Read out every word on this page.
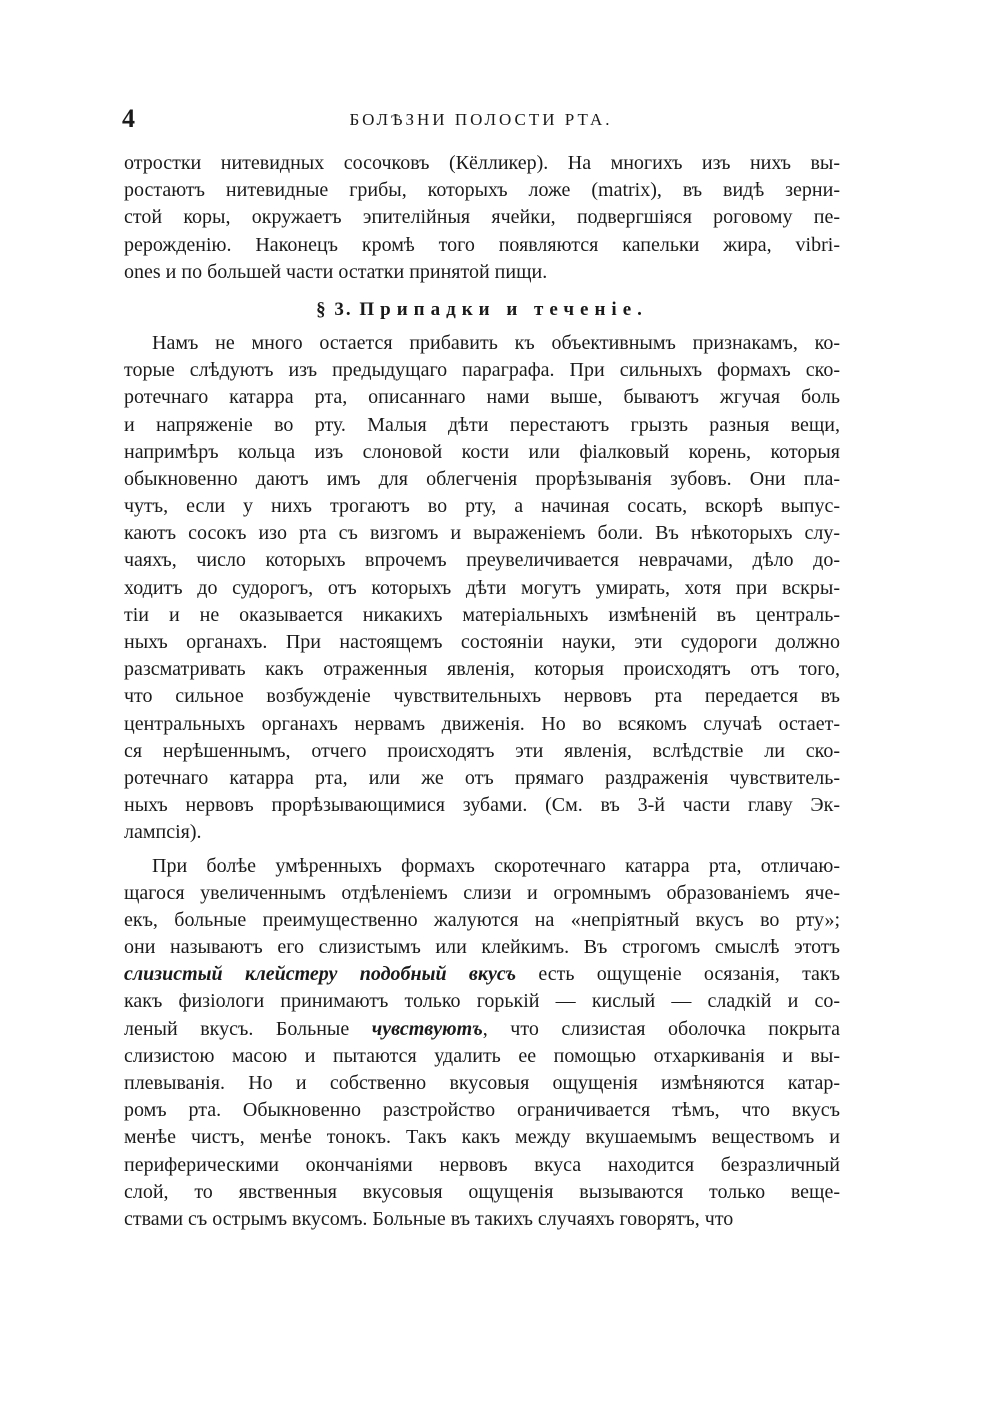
4	БОЛѢЗНИ ПОЛОСТИ РТА.
отростки нитевидных сосочковъ (Кёлликер). На многихъ изъ нихъ вы-
ростаютъ нитевидные грибы, которыхъ ложе (matrix), въ видѣ зерни-
стой коры, окружаетъ эпителiйныя ячейки, подвергшiяся роговому пе-
рерожденiю. Наконецъ кромѣ того появляются капельки жира, vibri-
ones и по большей части остатки принятой пищи.
§ 3. Припадки и теченiе.
Намъ не много остается прибавить къ объективнымъ признакамъ, ко-
торые слѣдуютъ изъ предыдущаго параграфа. При сильныхъ формахъ ско-
ротечнаго катарра рта, описаннаго нами выше, бываютъ жгучая боль
и напряженiе во рту. Малыя дѣти перестаютъ грызть разныя вещи,
напримѣръ кольца изъ слоновой кости или фiалковый корень, которыя
обыкновенно даютъ имъ для облегченiя прорѣзыванiя зубовъ. Они пла-
чутъ, если у нихъ трогаютъ во рту, а начиная сосать, вскорѣ выпус-
каютъ сосокъ изо рта съ визгомъ и выраженiемъ боли. Въ нѣкоторыхъ слу-
чаяхъ, число которыхъ впрочемъ преувеличивается неврачами, дѣло до-
ходитъ до судорогъ, отъ которыхъ дѣти могутъ умирать, хотя при вскры-
тiи и не оказывается никакихъ матерiальныхъ измѣненiй въ централь-
ныхъ органахъ. При настоящемъ состоянiи науки, эти судороги должно
разсматривать какъ отраженныя явленiя, которыя происходятъ отъ того,
что сильное возбужденiе чувствительныхъ нервовъ рта передается въ
центральныхъ органахъ нервамъ движенiя. Но во всякомъ случаѣ остает-
ся нерѣшеннымъ, отчего происходятъ эти явленiя, вслѣдствiе ли ско-
ротечнаго катарра рта, или же отъ прямаго раздраженiя чувствитель-
ныхъ нервовъ прорѣзывающимися зубами. (См. въ 3-й части главу Эк-
лампсiя).
При болѣе умѣренныхъ формахъ скоротечнаго катарра рта, отличаю-
щагося увеличеннымъ отдѣленiемъ слизи и огромнымъ образованiемъ яче-
екъ, больные преимущественно жалуются на «непрiятный вкусъ во рту»;
они называютъ его слизистымъ или клейкимъ. Въ строгомъ смыслѣ этотъ
слизистый клейстеру подобный вкусъ есть ощущенiе осязанiя, такъ
какъ физiологи принимаютъ только горькiй — кислый — сладкiй и со-
леный вкусъ. Больные чувствуютъ, что слизистая оболочка покрыта
слизистою масою и пытаются удалить ее помощью отхаркиванiя и вы-
плевыванiя. Но и собственно вкусовыя ощущенiя измѣняются катар-
ромъ рта. Обыкновенно разстройство ограничивается тѣмъ, что вкусъ
менѣе чистъ, менѣе тонокъ. Такъ какъ между вкушаемымъ веществомъ и
периферическими окончанiями нервовъ вкуса находится безразличный
слой, то явственныя вкусовыя ощущенiя вызываются только веще-
ствами съ острымъ вкусомъ. Больные въ такихъ случаяхъ говорятъ, что
